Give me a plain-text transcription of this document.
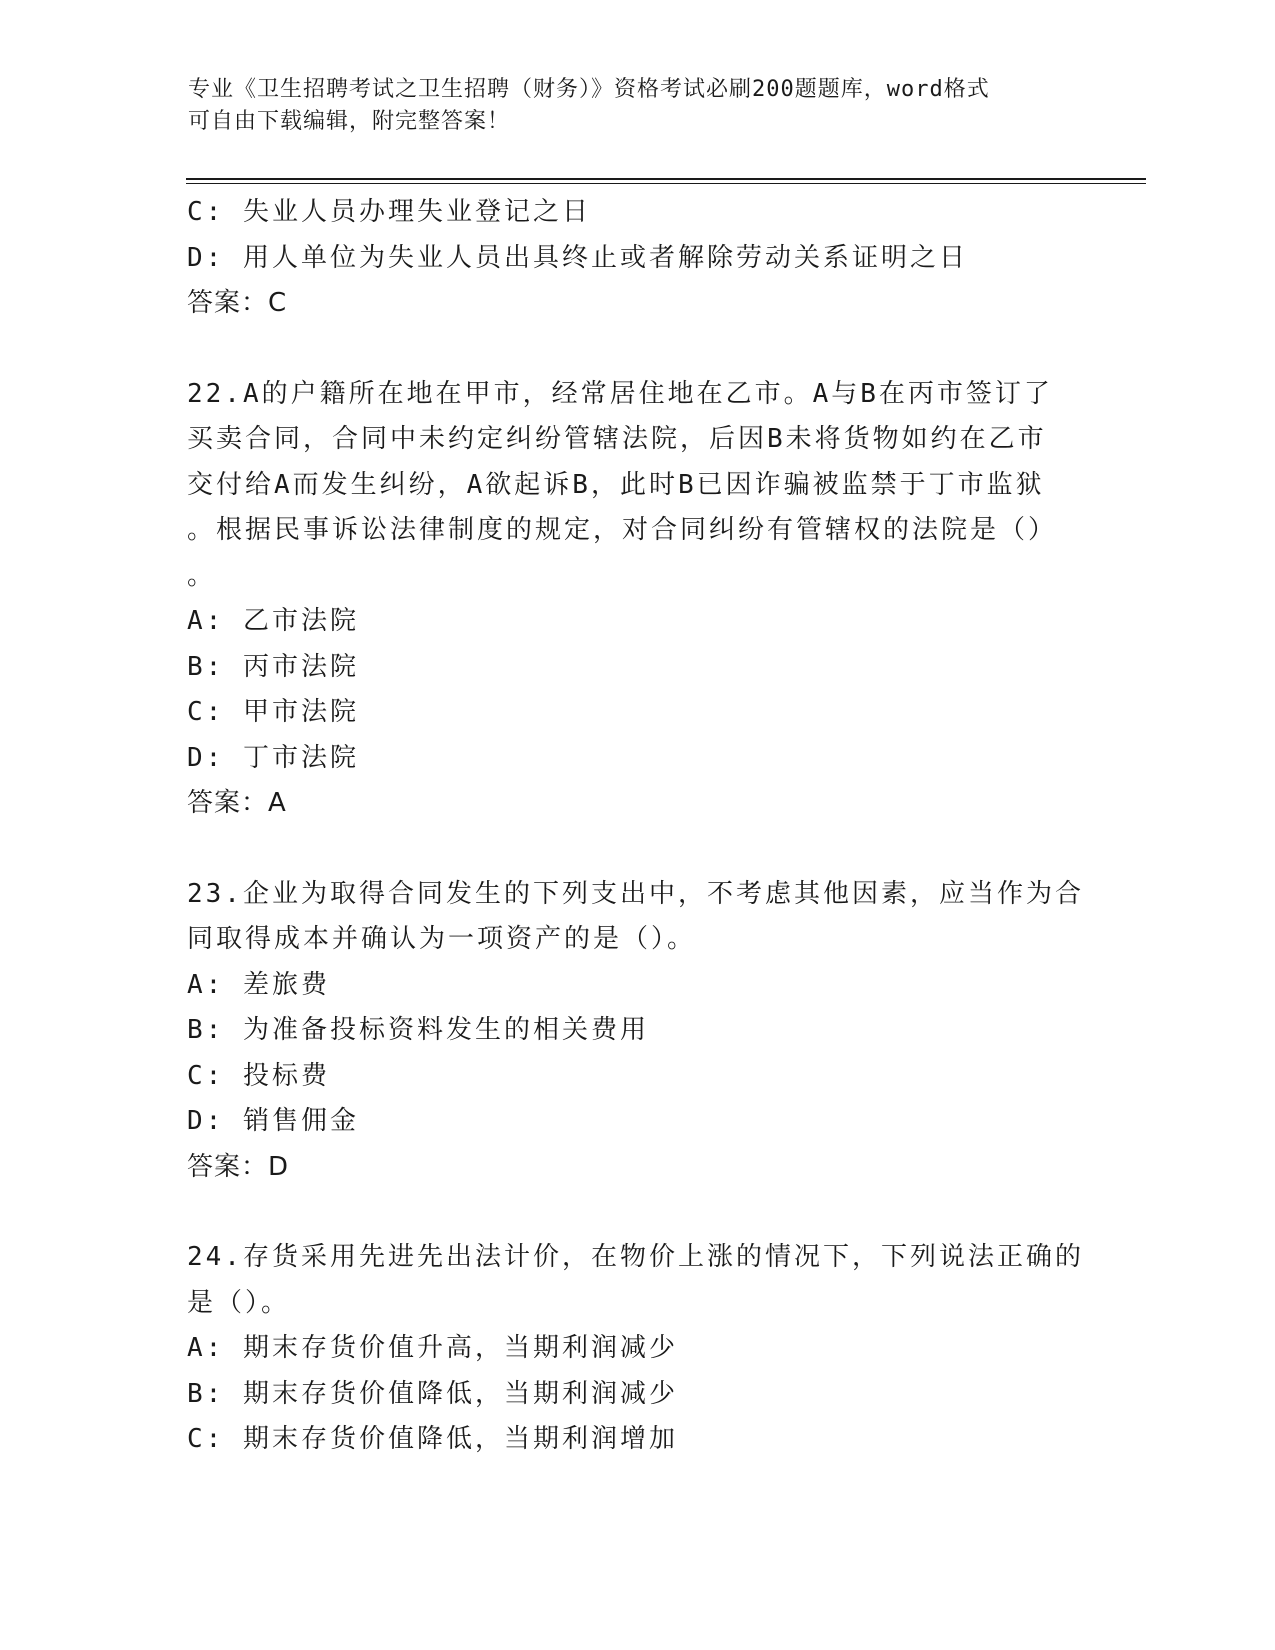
专业《卫生招聘考试之卫生招聘（财务）》资格考试必刷200题题库，word格式
可自由下载编辑，附完整答案！
C: 失业人员办理失业登记之日
D: 用人单位为失业人员出具终止或者解除劳动关系证明之日
答案：C
22.A的户籍所在地在甲市，经常居住地在乙市。A与B在丙市签订了
买卖合同，合同中未约定纠纷管辖法院，后因B未将货物如约在乙市
交付给A而发生纠纷，A欲起诉B，此时B已因诈骗被监禁于丁市监狱
。根据民事诉讼法律制度的规定，对合同纠纷有管辖权的法院是（）
。
A: 乙市法院
B: 丙市法院
C: 甲市法院
D: 丁市法院
答案：A
23.企业为取得合同发生的下列支出中，不考虑其他因素，应当作为合
同取得成本并确认为一项资产的是（）。
A: 差旅费
B: 为准备投标资料发生的相关费用
C: 投标费
D: 销售佣金
答案：D
24.存货采用先进先出法计价，在物价上涨的情况下，下列说法正确的
是（）。
A: 期末存货价值升高，当期利润减少
B: 期末存货价值降低，当期利润减少
C: 期末存货价值降低，当期利润增加
